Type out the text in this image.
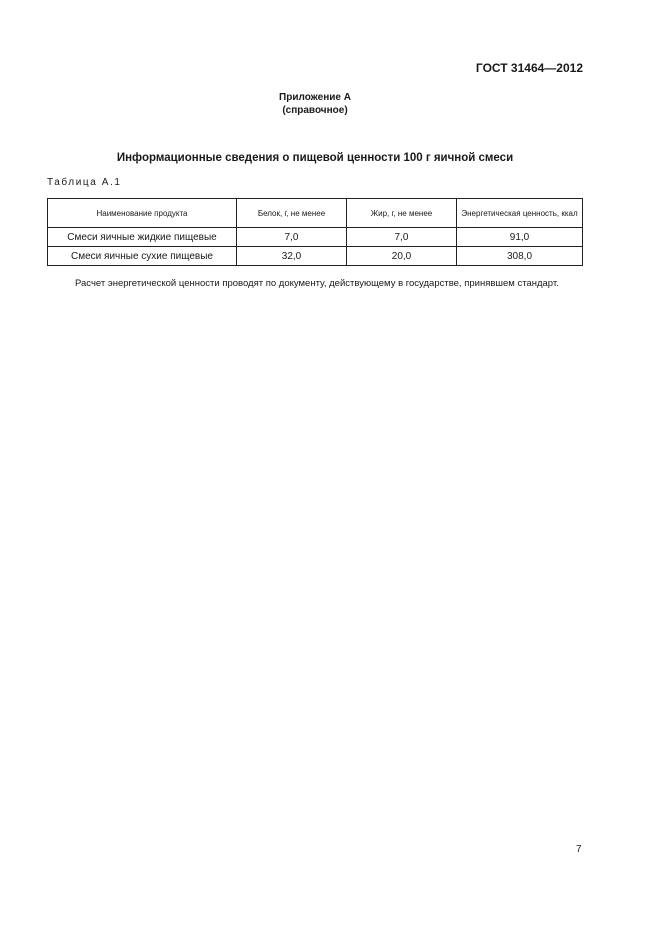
ГОСТ 31464—2012
Приложение А
(справочное)
Информационные сведения о пищевой ценности 100 г яичной смеси
Таблица А.1
Наименование продукта	Белок, г, не менее	Жир, г, не менее	Энергетическая ценность, ккал
Смеси яичные жидкие пищевые	7,0	7,0	91,0
Смеси яичные сухие пищевые	32,0	20,0	308,0
Расчет энергетической ценности проводят по документу, действующему в государстве, принявшем стандарт.
7
